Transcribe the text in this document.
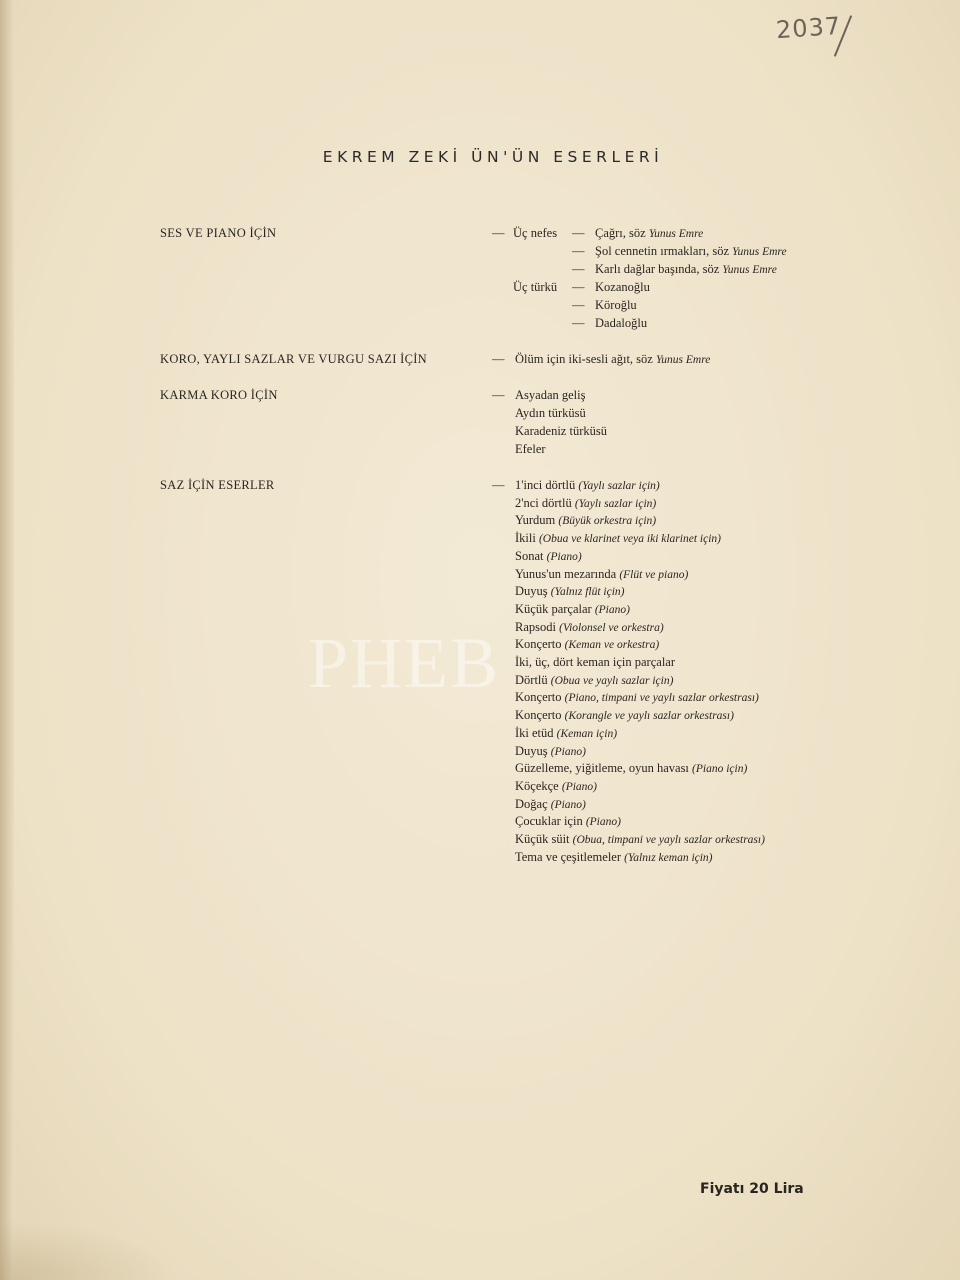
2037
PHEB
EKREM ZEKİ ÜN'ÜN ESERLERİ
SES VE PIANO İÇİN	— Üç nefes — Çağrı, söz Yunus Emre
— Şol cennetin ırmakları, söz Yunus Emre
— Karlı dağlar başında, söz Yunus Emre
Üç türkü — Kozanoğlu
— Köroğlu
— Dadaloğlu
KORO, YAYLI SAZLAR VE VURGU SAZI İÇİN	— Ölüm için iki-sesli ağıt, söz Yunus Emre
KARMA KORO İÇİN	— Asyadan geliş
Aydın türküsü
Karadeniz türküsü
Efeler
SAZ İÇİN ESERLER	— 1'inci dörtlü (Yaylı sazlar için)
2'nci dörtlü (Yaylı sazlar için)
Yurdum (Büyük orkestra için)
İkili (Obua ve klarinet veya iki klarinet için)
Sonat (Piano)
Yunus'un mezarında (Flüt ve piano)
Duyuş (Yalnız flüt için)
Küçük parçalar (Piano)
Rapsodi (Violonsel ve orkestra)
Konçerto (Keman ve orkestra)
İki, üç, dört keman için parçalar
Dörtlü (Obua ve yaylı sazlar için)
Konçerto (Piano, timpani ve yaylı sazlar orkestrası)
Konçerto (Korangle ve yaylı sazlar orkestrası)
İki etüd (Keman için)
Duyuş (Piano)
Güzelleme, yiğitleme, oyun havası (Piano için)
Köçekçe (Piano)
Doğaç (Piano)
Çocuklar için (Piano)
Küçük süit (Obua, timpani ve yaylı sazlar orkestrası)
Tema ve çeşitlemeler (Yalnız keman için)
Fiyatı 20 Lira
